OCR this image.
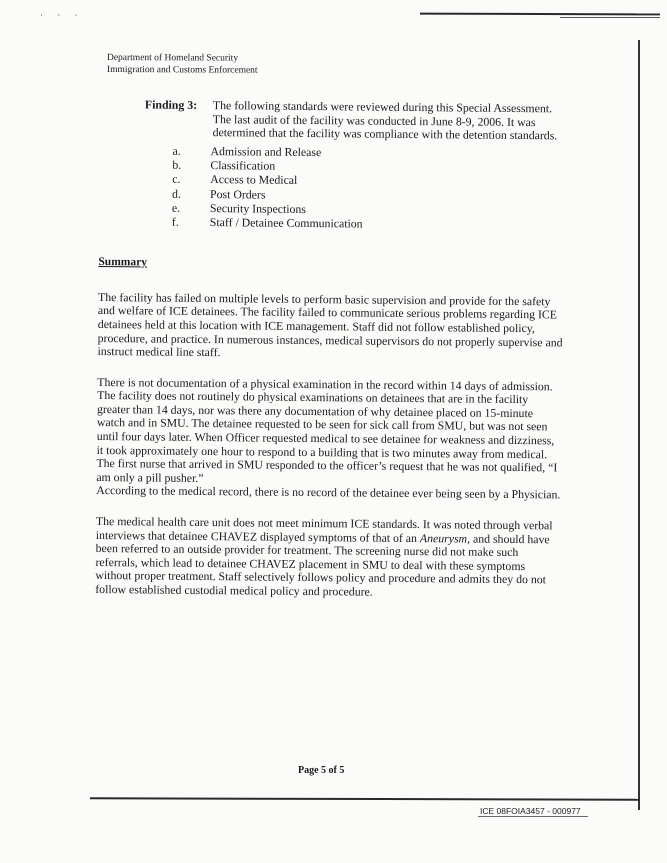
· · ·
Department of Homeland Security
Immigration and Customs Enforcement
Finding 3: The following standards were reviewed during this Special Assessment. The last audit of the facility was conducted in June 8-9, 2006. It was determined that the facility was compliance with the detention standards.
a.	Admission and Release
b.	Classification
c.	Access to Medical
d.	Post Orders
e.	Security Inspections
f.	Staff / Detainee Communication
Summary

The facility has failed on multiple levels to perform basic supervision and provide for the safety and welfare of ICE detainees. The facility failed to communicate serious problems regarding ICE detainees held at this location with ICE management. Staff did not follow established policy, procedure, and practice. In numerous instances, medical supervisors do not properly supervise and instruct medical line staff.

There is not documentation of a physical examination in the record within 14 days of admission. The facility does not routinely do physical examinations on detainees that are in the facility greater than 14 days, nor was there any documentation of why detainee placed on 15-minute watch and in SMU. The detainee requested to be seen for sick call from SMU, but was not seen until four days later. When Officer requested medical to see detainee for weakness and dizziness, it took approximately one hour to respond to a building that is two minutes away from medical. The first nurse that arrived in SMU responded to the officer’s request that he was not qualified, “I am only a pill pusher.”

According to the medical record, there is no record of the detainee ever being seen by a Physician.

The medical health care unit does not meet minimum ICE standards. It was noted through verbal interviews that detainee CHAVEZ displayed symptoms of that of an Aneurysm, and should have been referred to an outside provider for treatment. The screening nurse did not make such referrals, which lead to detainee CHAVEZ placement in SMU to deal with these symptoms without proper treatment. Staff selectively follows policy and procedure and admits they do not follow established custodial medical policy and procedure.

Page 5 of 5
ICE 08FOIA3457 - 000977
